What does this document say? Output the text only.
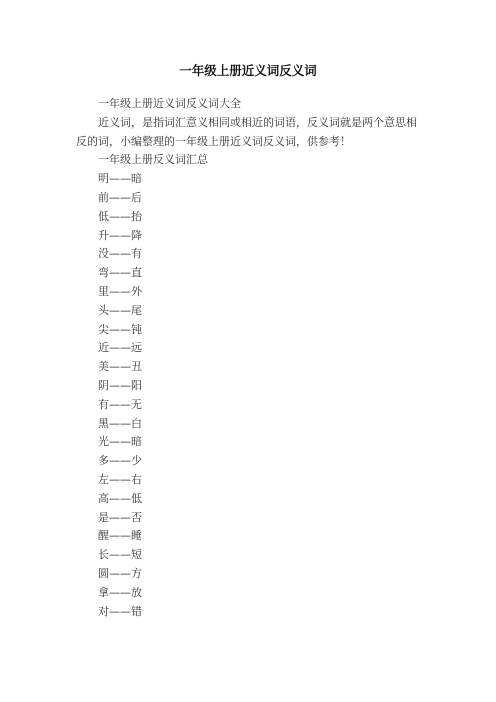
一年级上册近义词反义词

一年级上册近义词反义词大全

近义词，是指词汇意义相同或相近的词语，反义词就是两个意思相反的词，小编整理的一年级上册近义词反义词，供参考！

一年级上册反义词汇总

明——暗
前——后
低——抬
升——降
没——有
弯——直
里——外
头——尾
尖——钝
近——远
美——丑
阴——阳
有——无
黑——白
光——暗
多——少
左——右
高——低
是——否
醒——睡
长——短
圆——方
拿——放
对——错
